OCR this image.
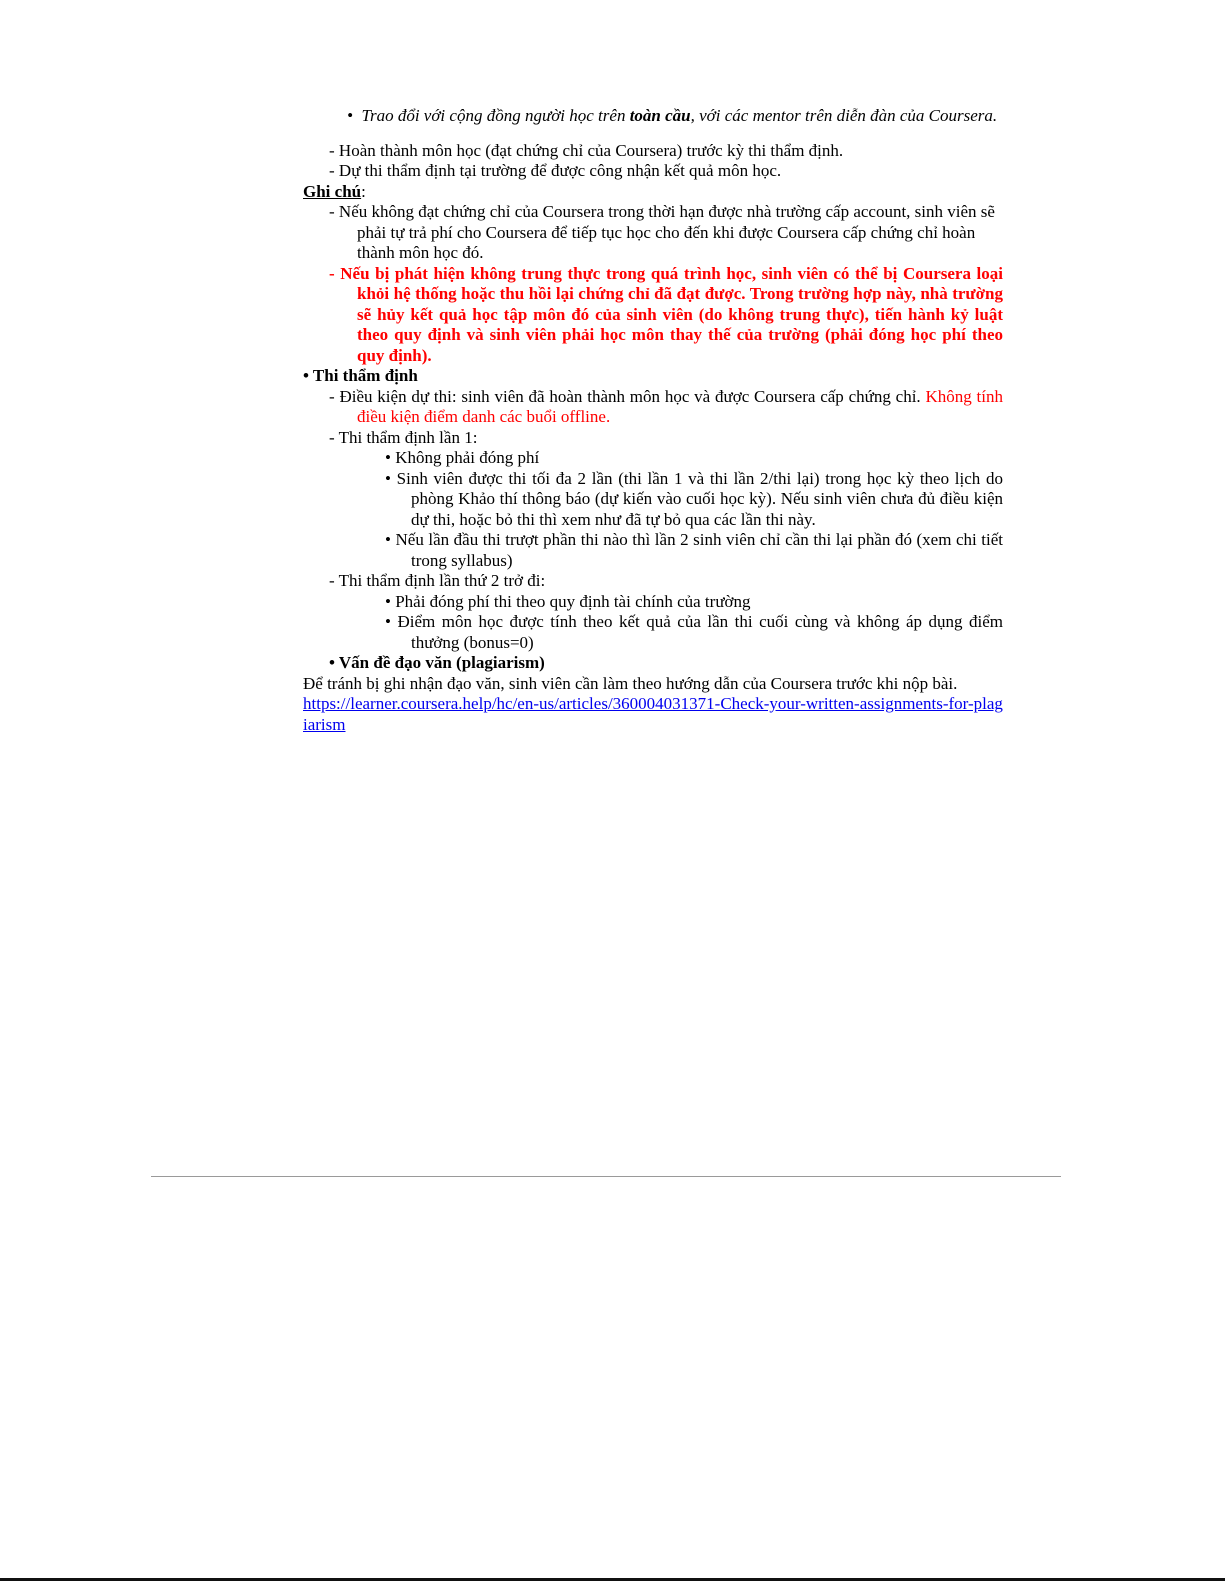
• Trao đổi với cộng đồng người học trên toàn cầu, với các mentor trên diễn đàn của Coursera.
- Hoàn thành môn học (đạt chứng chỉ của Coursera) trước kỳ thi thẩm định.
- Dự thi thẩm định tại trường để được công nhận kết quả môn học.
Ghi chú:
- Nếu không đạt chứng chỉ của Coursera trong thời hạn được nhà trường cấp account, sinh viên sẽ phải tự trả phí cho Coursera để tiếp tục học cho đến khi được Coursera cấp chứng chỉ hoàn thành môn học đó.
- Nếu bị phát hiện không trung thực trong quá trình học, sinh viên có thể bị Coursera loại khỏi hệ thống hoặc thu hồi lại chứng chỉ đã đạt được. Trong trường hợp này, nhà trường sẽ hủy kết quả học tập môn đó của sinh viên (do không trung thực), tiến hành kỷ luật theo quy định và sinh viên phải học môn thay thế của trường (phải đóng học phí theo quy định).
• Thi thẩm định
- Điều kiện dự thi: sinh viên đã hoàn thành môn học và được Coursera cấp chứng chỉ. Không tính điều kiện điểm danh các buổi offline.
- Thi thẩm định lần 1:
• Không phải đóng phí
• Sinh viên được thi tối đa 2 lần (thi lần 1 và thi lần 2/thi lại) trong học kỳ theo lịch do phòng Khảo thí thông báo (dự kiến vào cuối học kỳ). Nếu sinh viên chưa đủ điều kiện dự thi, hoặc bỏ thi thì xem như đã tự bỏ qua các lần thi này.
• Nếu lần đầu thi trượt phần thi nào thì lần 2 sinh viên chỉ cần thi lại phần đó (xem chi tiết trong syllabus)
- Thi thẩm định lần thứ 2 trở đi:
• Phải đóng phí thi theo quy định tài chính của trường
• Điểm môn học được tính theo kết quả của lần thi cuối cùng và không áp dụng điểm thưởng (bonus=0)
• Vấn đề đạo văn (plagiarism)
Để tránh bị ghi nhận đạo văn, sinh viên cần làm theo hướng dẫn của Coursera trước khi nộp bài.
https://learner.coursera.help/hc/en-us/articles/360004031371-Check-your-written-assignments-for-plagiarism
